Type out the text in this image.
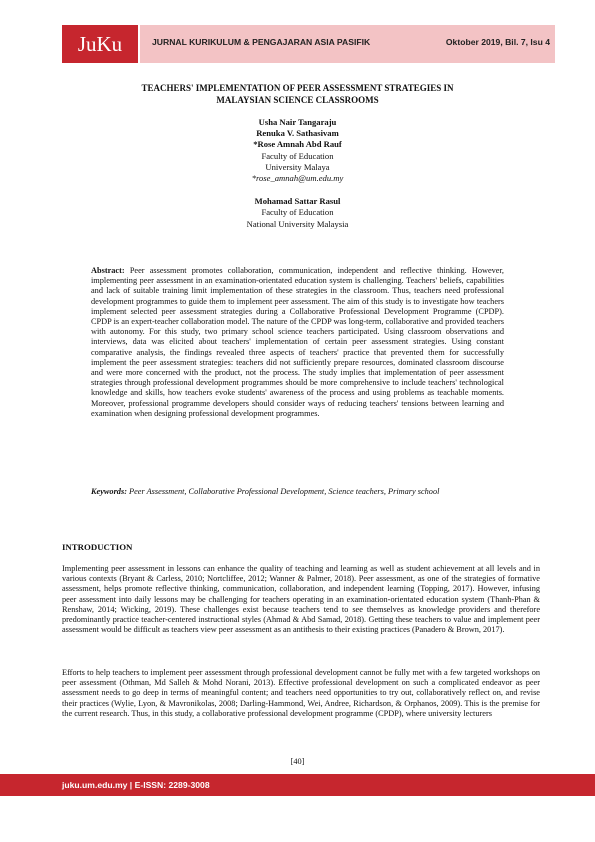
JuKu	JURNAL KURIKULUM & PENGAJARAN ASIA PASIFIK	Oktober 2019, Bil. 7, Isu 4
TEACHERS' IMPLEMENTATION OF PEER ASSESSMENT STRATEGIES IN
MALAYSIAN SCIENCE CLASSROOMS
Usha Nair Tangaraju
Renuka V. Sathasivam
*Rose Amnah Abd Rauf
Faculty of Education
University Malaya
*rose_amnah@um.edu.my
Mohamad Sattar Rasul
Faculty of Education
National University Malaysia
Abstract: Peer assessment promotes collaboration, communication, independent and reflective thinking. However, implementing peer assessment in an examination-orientated education system is challenging. Teachers' beliefs, capabilities and lack of suitable training limit implementation of these strategies in the classroom. Thus, teachers need professional development programmes to guide them to implement peer assessment. The aim of this study is to investigate how teachers implement selected peer assessment strategies during a Collaborative Professional Development Programme (CPDP). CPDP is an expert-teacher collaboration model. The nature of the CPDP was long-term, collaborative and provided teachers with autonomy. For this study, two primary school science teachers participated. Using classroom observations and interviews, data was elicited about teachers' implementation of certain peer assessment strategies. Using constant comparative analysis, the findings revealed three aspects of teachers' practice that prevented them for successfully implement the peer assessment strategies: teachers did not sufficiently prepare resources, dominated classroom discourse and were more concerned with the product, not the process. The study implies that implementation of peer assessment strategies through professional development programmes should be more comprehensive to include teachers' technological knowledge and skills, how teachers evoke students' awareness of the process and using problems as teachable moments. Moreover, professional programme developers should consider ways of reducing teachers' tensions between learning and examination when designing professional development programmes.
Keywords: Peer Assessment, Collaborative Professional Development, Science teachers, Primary school
INTRODUCTION
Implementing peer assessment in lessons can enhance the quality of teaching and learning as well as student achievement at all levels and in various contexts (Bryant & Carless, 2010; Nortcliffee, 2012; Wanner & Palmer, 2018). Peer assessment, as one of the strategies of formative assessment, helps promote reflective thinking, communication, collaboration, and independent learning (Topping, 2017). However, infusing peer assessment into daily lessons may be challenging for teachers operating in an examination-orientated education system (Thanh-Phan & Renshaw, 2014; Wicking, 2019). These challenges exist because teachers tend to see themselves as knowledge providers and therefore predominantly practice teacher-centered instructional styles (Ahmad & Abd Samad, 2018). Getting these teachers to value and implement peer assessment would be difficult as teachers view peer assessment as an antithesis to their existing practices (Panadero & Brown, 2017).
Efforts to help teachers to implement peer assessment through professional development cannot be fully met with a few targeted workshops on peer assessment (Othman, Md Salleh & Mohd Norani, 2013). Effective professional development on such a complicated endeavor as peer assessment needs to go deep in terms of meaningful content; and teachers need opportunities to try out, collaboratively reflect on, and revise their practices (Wylie, Lyon, & Mavronikolas, 2008; Darling-Hammond, Wei, Andree, Richardson, & Orphanos, 2009). This is the premise for the current research. Thus, in this study, a collaborative professional development programme (CPDP), where university lecturers
[40]
juku.um.edu.my | E-ISSN: 2289-3008
